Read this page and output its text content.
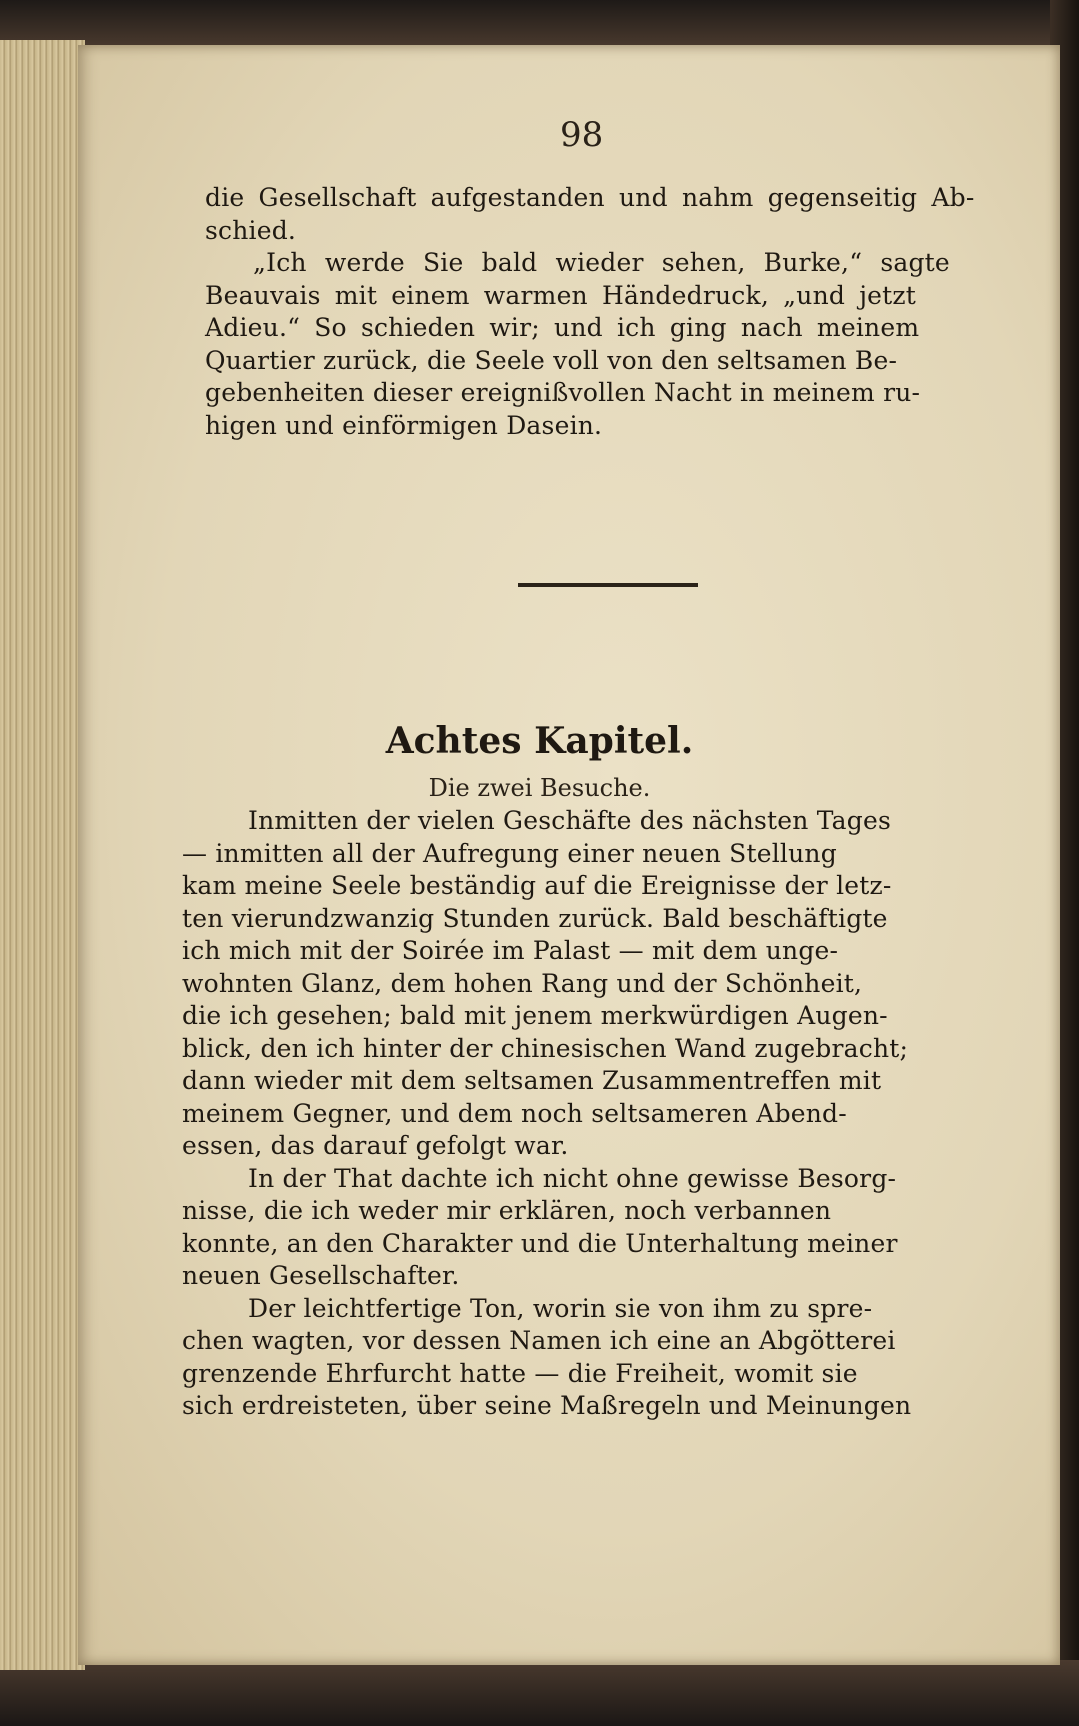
98
die Gesellschaft aufgestanden und nahm gegenseitig Ab-
schied.
„Ich werde Sie bald wieder sehen, Burke,“ sagte
Beauvais mit einem warmen Händedruck, „und jetzt
Adieu.“ So schieden wir; und ich ging nach meinem
Quartier zurück, die Seele voll von den seltsamen Be-
gebenheiten dieser ereignißvollen Nacht in meinem ru-
higen und einförmigen Dasein.
Achtes Kapitel.
Die zwei Besuche.
Inmitten der vielen Geschäfte des nächsten Tages
— inmitten all der Aufregung einer neuen Stellung
kam meine Seele beständig auf die Ereignisse der letz-
ten vierundzwanzig Stunden zurück. Bald beschäftigte
ich mich mit der Soirée im Palast — mit dem unge-
wohnten Glanz, dem hohen Rang und der Schönheit,
die ich gesehen; bald mit jenem merkwürdigen Augen-
blick, den ich hinter der chinesischen Wand zugebracht;
dann wieder mit dem seltsamen Zusammentreffen mit
meinem Gegner, und dem noch seltsameren Abend-
essen, das darauf gefolgt war.
In der That dachte ich nicht ohne gewisse Besorg-
nisse, die ich weder mir erklären, noch verbannen
konnte, an den Charakter und die Unterhaltung meiner
neuen Gesellschafter.
Der leichtfertige Ton, worin sie von ihm zu spre-
chen wagten, vor dessen Namen ich eine an Abgötterei
grenzende Ehrfurcht hatte — die Freiheit, womit sie
sich erdreisteten, über seine Maßregeln und Meinungen
